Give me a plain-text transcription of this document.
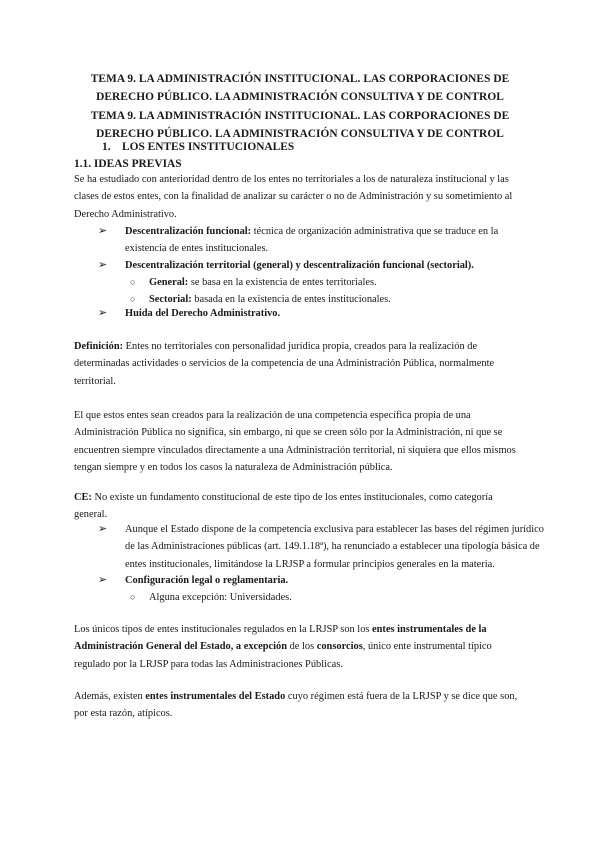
TEMA 9. LA ADMINISTRACIÓN INSTITUCIONAL. LAS CORPORACIONES DE
DERECHO PÚBLICO. LA ADMINISTRACIÓN CONSULTIVA Y DE CONTROL
TEMA 9. LA ADMINISTRACIÓN INSTITUCIONAL. LAS CORPORACIONES DE
DERECHO PÚBLICO. LA ADMINISTRACIÓN CONSULTIVA Y DE CONTROL
1. LOS ENTES INSTITUCIONALES
1.1. IDEAS PREVIAS
Se ha estudiado con anterioridad dentro de los entes no territoriales a los de naturaleza institucional y las
clases de estos entes, con la finalidad de analizar su carácter o no de Administración y su sometimiento al
Derecho Administrativo.
➢ Descentralización funcional: técnica de organización administrativa que se traduce en la
existencia de entes institucionales.
➢ Descentralización territorial (general) y descentralización funcional (sectorial).
○ General: se basa en la existencia de entes territoriales.
○ Sectorial: basada en la existencia de entes institucionales.
➢ Huida del Derecho Administrativo.
Definición: Entes no territoriales con personalidad jurídica propia, creados para la realización de
determinadas actividades o servicios de la competencia de una Administración Pública, normalmente
territorial.
El que estos entes sean creados para la realización de una competencia específica propia de una
Administración Pública no significa, sin embargo, ni que se creen sólo por la Administración, ni que se
encuentren siempre vinculados directamente a una Administración territorial, ni siquiera que ellos mismos
tengan siempre y en todos los casos la naturaleza de Administración pública.
CE: No existe un fundamento constitucional de este tipo de los entes institucionales, como categoría
general.
➢ Aunque el Estado dispone de la competencia exclusiva para establecer las bases del régimen jurídico
de las Administraciones públicas (art. 149.1.18ª), ha renunciado a establecer una tipología básica de
entes institucionales, limitándose la LRJSP a formular principios generales en la materia.
➢ Configuración legal o reglamentaria.
○ Alguna excepción: Universidades.
Los únicos tipos de entes institucionales regulados en la LRJSP son los entes instrumentales de la
Administración General del Estado, a excepción de los consorcios, único ente instrumental típico
regulado por la LRJSP para todas las Administraciones Públicas.
Además, existen entes instrumentales del Estado cuyo régimen está fuera de la LRJSP y se dice que son,
por esta razón, atípicos.
